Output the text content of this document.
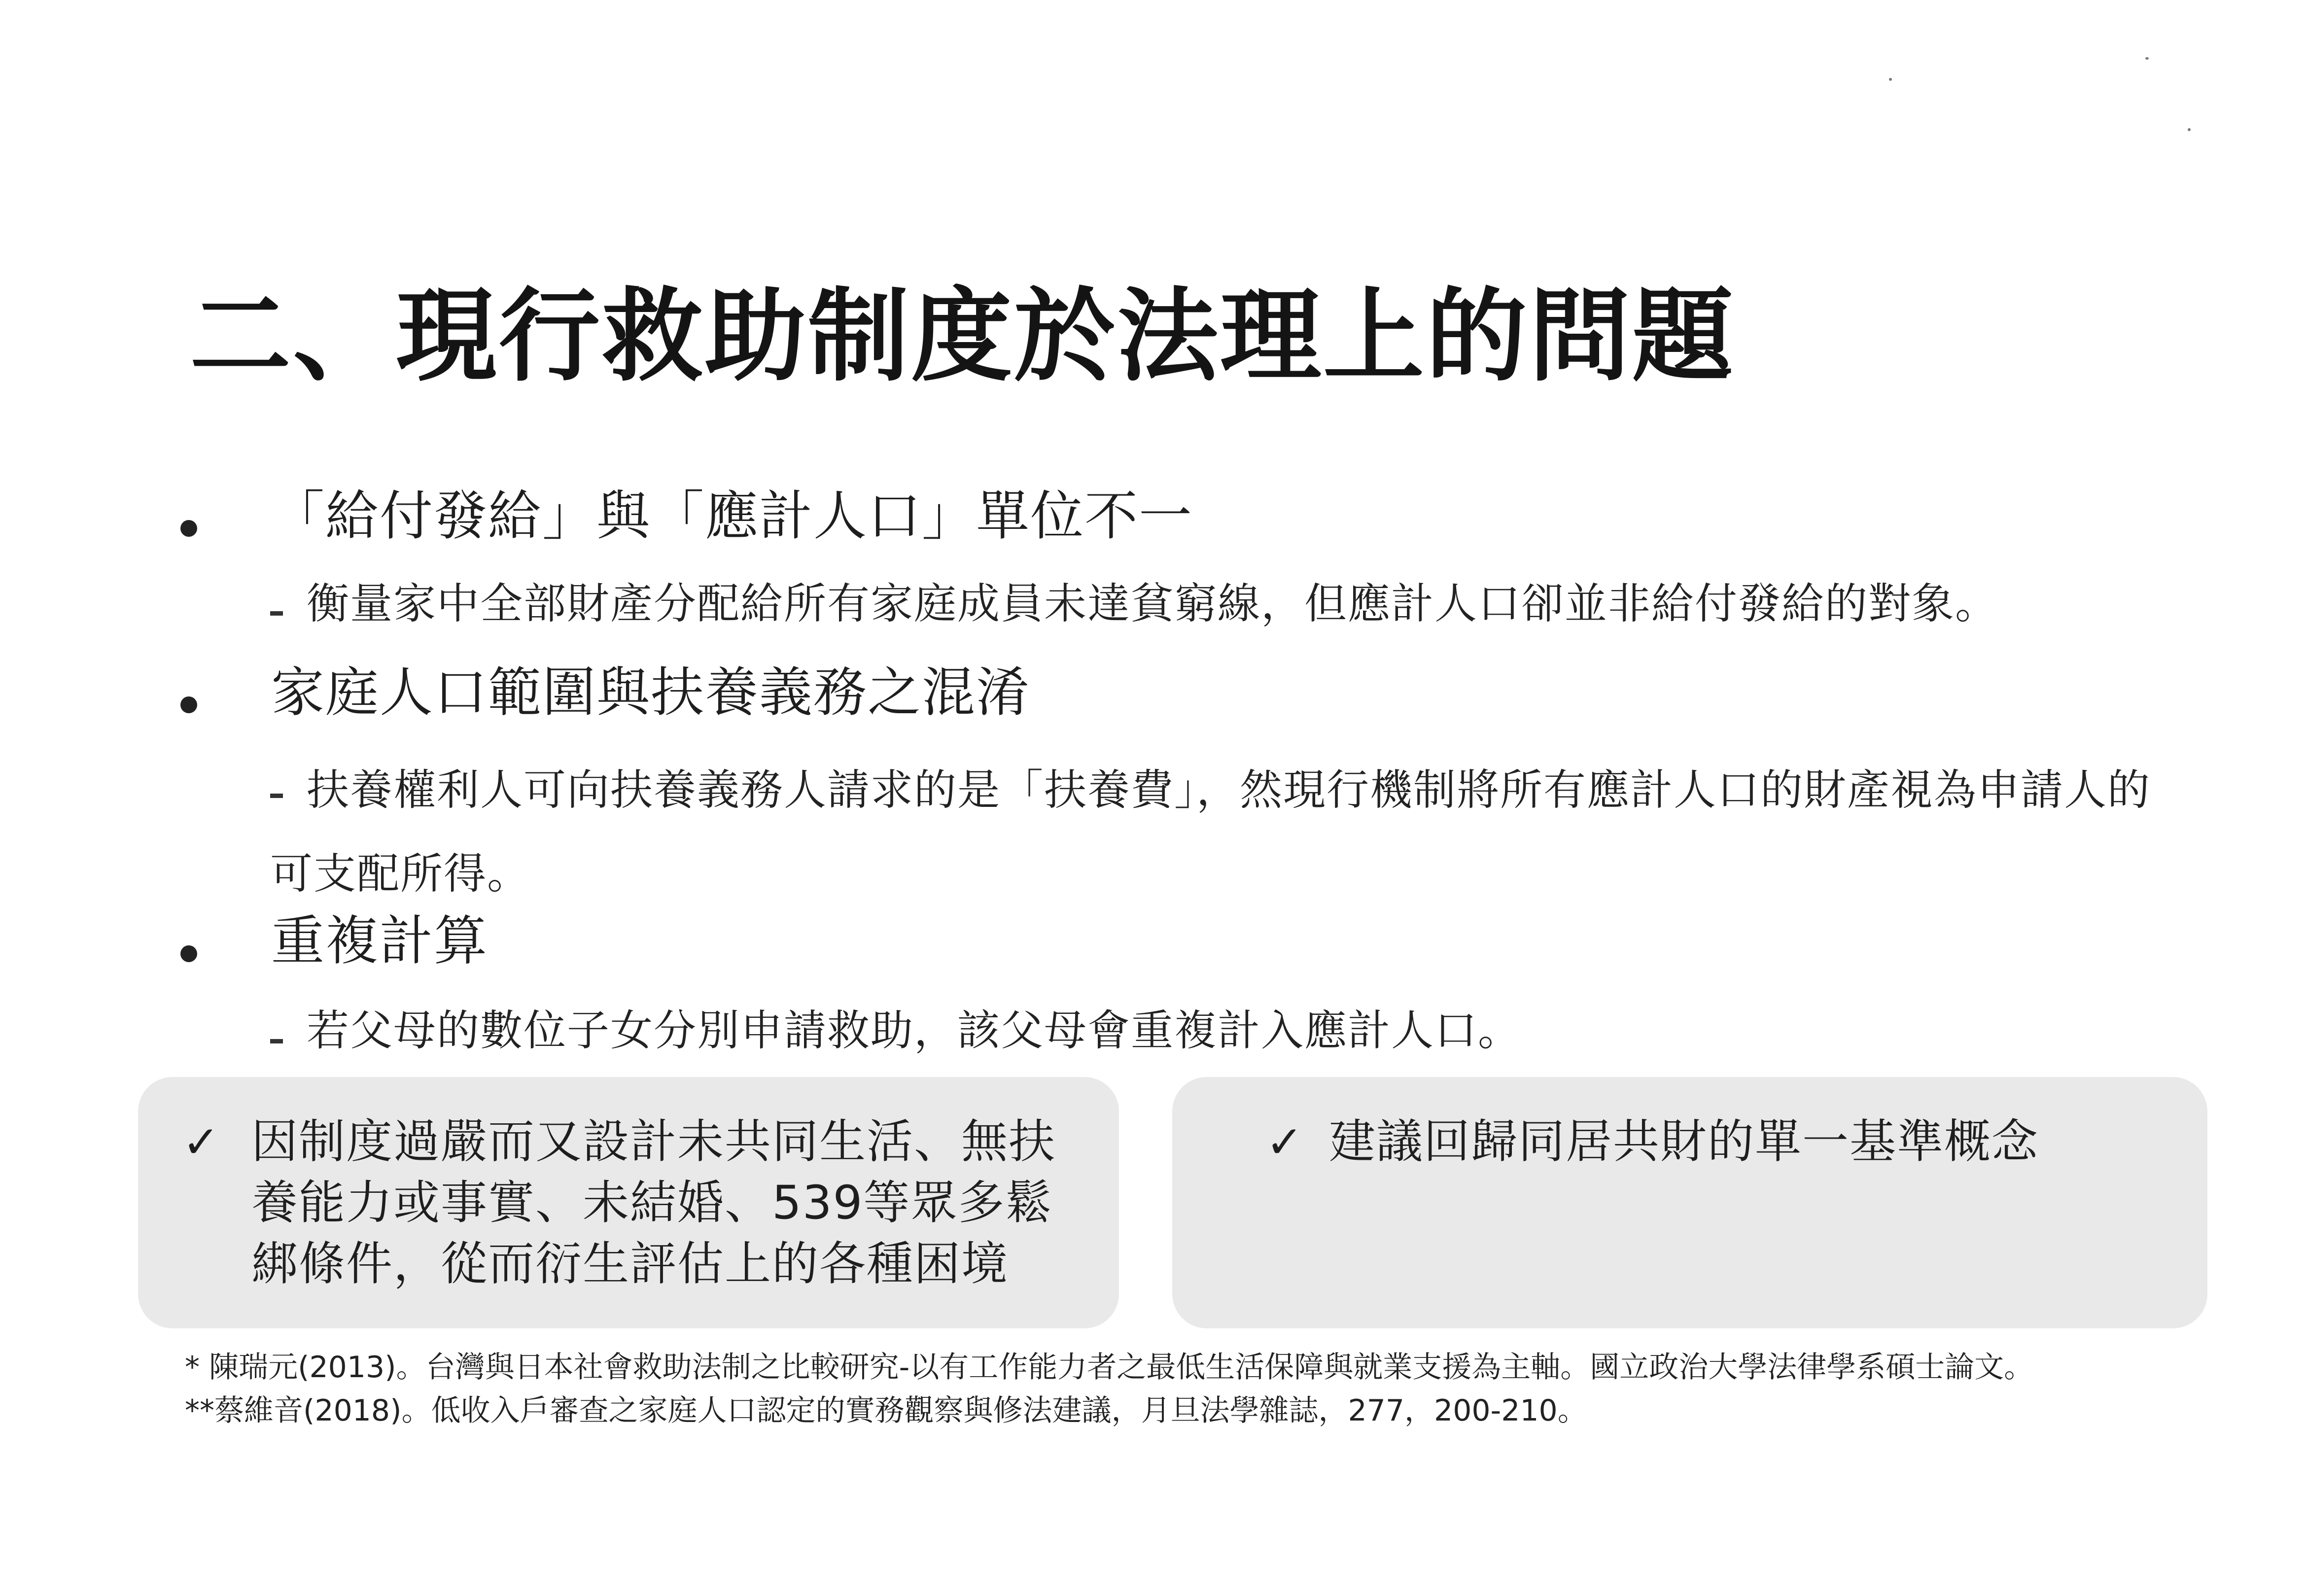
二、現行救助制度於法理上的問題
「給付發給」與「應計人口」單位不一

衡量家中全部財產分配給所有家庭成員未達貧窮線，但應計人口卻並非給付發給的對象。

家庭人口範圍與扶養義務之混淆

扶養權利人可向扶養義務人請求的是「扶養費」，然現行機制將所有應計人口的財產視為申請人的可支配所得。

重複計算

若父母的數位子女分別申請救助，該父母會重複計入應計人口。

✓ 因制度過嚴而又設計未共同生活、無扶養能力或事實、未結婚、539等眾多鬆綁條件，從而衍生評估上的各種困境

✓ 建議回歸同居共財的單一基準概念

* 陳瑞元(2013)。台灣與日本社會救助法制之比較研究-以有工作能力者之最低生活保障與就業支援為主軸。國立政治大學法律學系碩士論文。

**蔡維音(2018)。低收入戶審查之家庭人口認定的實務觀察與修法建議，月旦法學雜誌，277，200-210。
